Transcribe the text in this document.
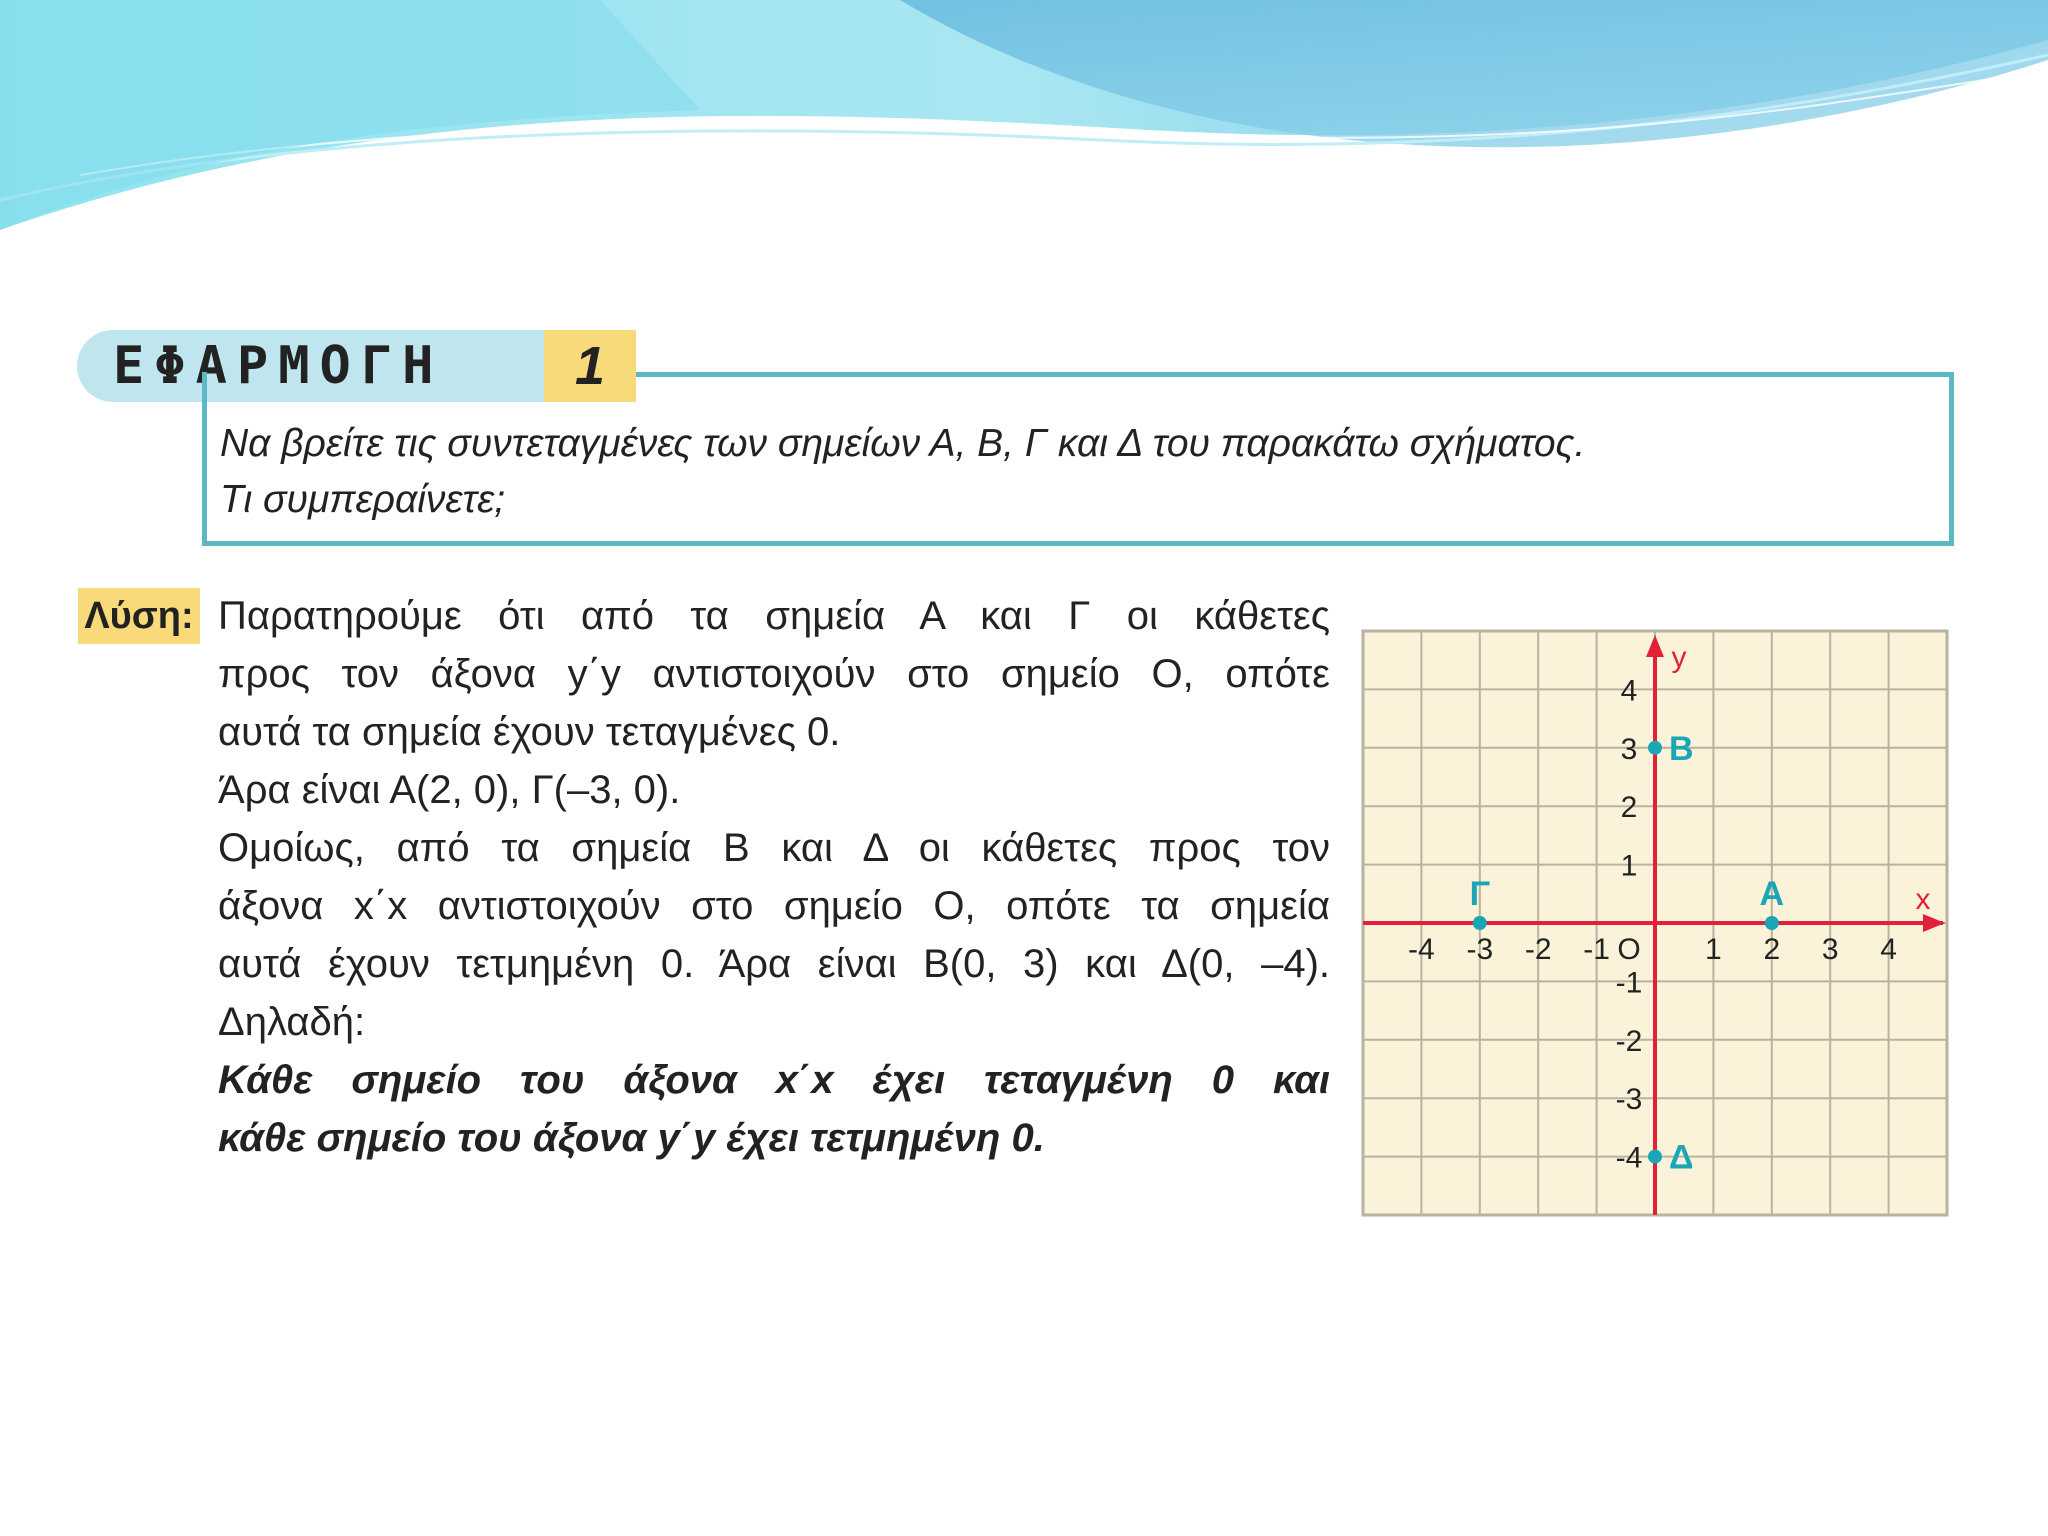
ΕΦΑΡΜΟΓΗ	1
Να βρείτε τις συντεταγμένες των σημείων Α, Β, Γ και Δ του παρακάτω σχήματος.
Τι συμπεραίνετε;
Λύση: Παρατηρούμε ότι από τα σημεία Α και Γ οι κάθετες
προς τον άξονα y΄y αντιστοιχούν στο σημείο Ο, οπότε
αυτά τα σημεία έχουν τεταγμένες 0.
Άρα είναι Α(2, 0), Γ(–3, 0).
Ομοίως, από τα σημεία Β και Δ οι κάθετες προς τον
άξονα x΄x αντιστοιχούν στο σημείο Ο, οπότε τα σημεία
αυτά έχουν τετμημένη 0. Άρα είναι Β(0, 3) και Δ(0, –4).
Δηλαδή:
Κάθε σημείο του άξονα x΄x έχει τεταγμένη 0 και
κάθε σημείο του άξονα y΄y έχει τετμημένη 0.
-4 -3 -2 -1	1 2 3 4
4
3
2
1
-1
-2
-3
-4
O
x
y
Α
Β
Γ
Δ
